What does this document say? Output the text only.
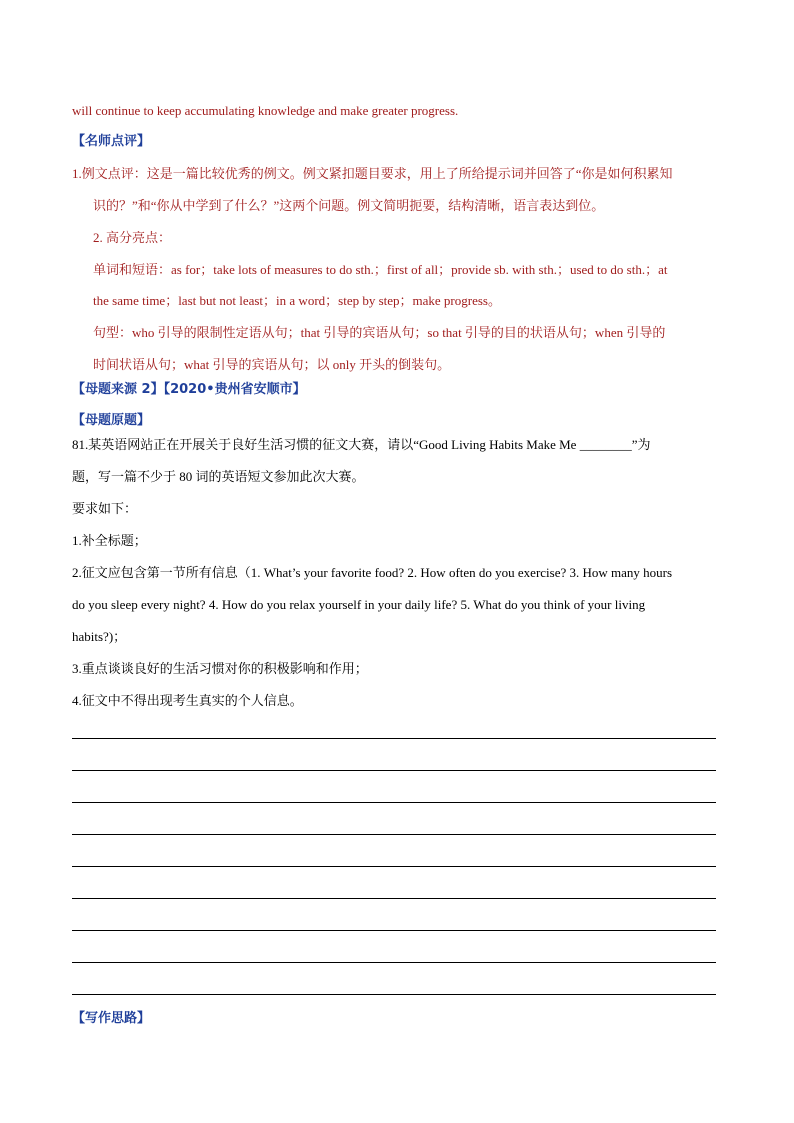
will continue to keep accumulating knowledge and make greater progress.
【名师点评】
1.例文点评：这是一篇比较优秀的例文。例文紧扣题目要求，用上了所给提示词并回答了“你是如何积累知
识的？”和“你从中学到了什么？”这两个问题。例文简明扼要，结构清晰，语言表达到位。
2. 高分亮点：
单词和短语：as for；take lots of measures to do sth.；first of all；provide sb. with sth.；used to do sth.；at
the same time；last but not least；in a word；step by step；make progress。
句型：who 引导的限制性定语从句；that 引导的宾语从句；so that 引导的目的状语从句；when 引导的
时间状语从句；what 引导的宾语从句；以 only 开头的倒装句。
【母题来源 2】【2020•贵州省安顺市】
【母题原题】
81.某英语网站正在开展关于良好生活习惯的征文大赛，请以“Good Living Habits Make Me ________”为
题，写一篇不少于 80 词的英语短文参加此次大赛。
要求如下：
1.补全标题；
2.征文应包含第一节所有信息（1. What’s your favorite food? 2. How often do you exercise? 3. How many hours
do you sleep every night? 4. How do you relax yourself in your daily life? 5. What do you think of your living
habits?)；
3.重点谈谈良好的生活习惯对你的积极影响和作用；
4.征文中不得出现考生真实的个人信息。
【写作思路】
